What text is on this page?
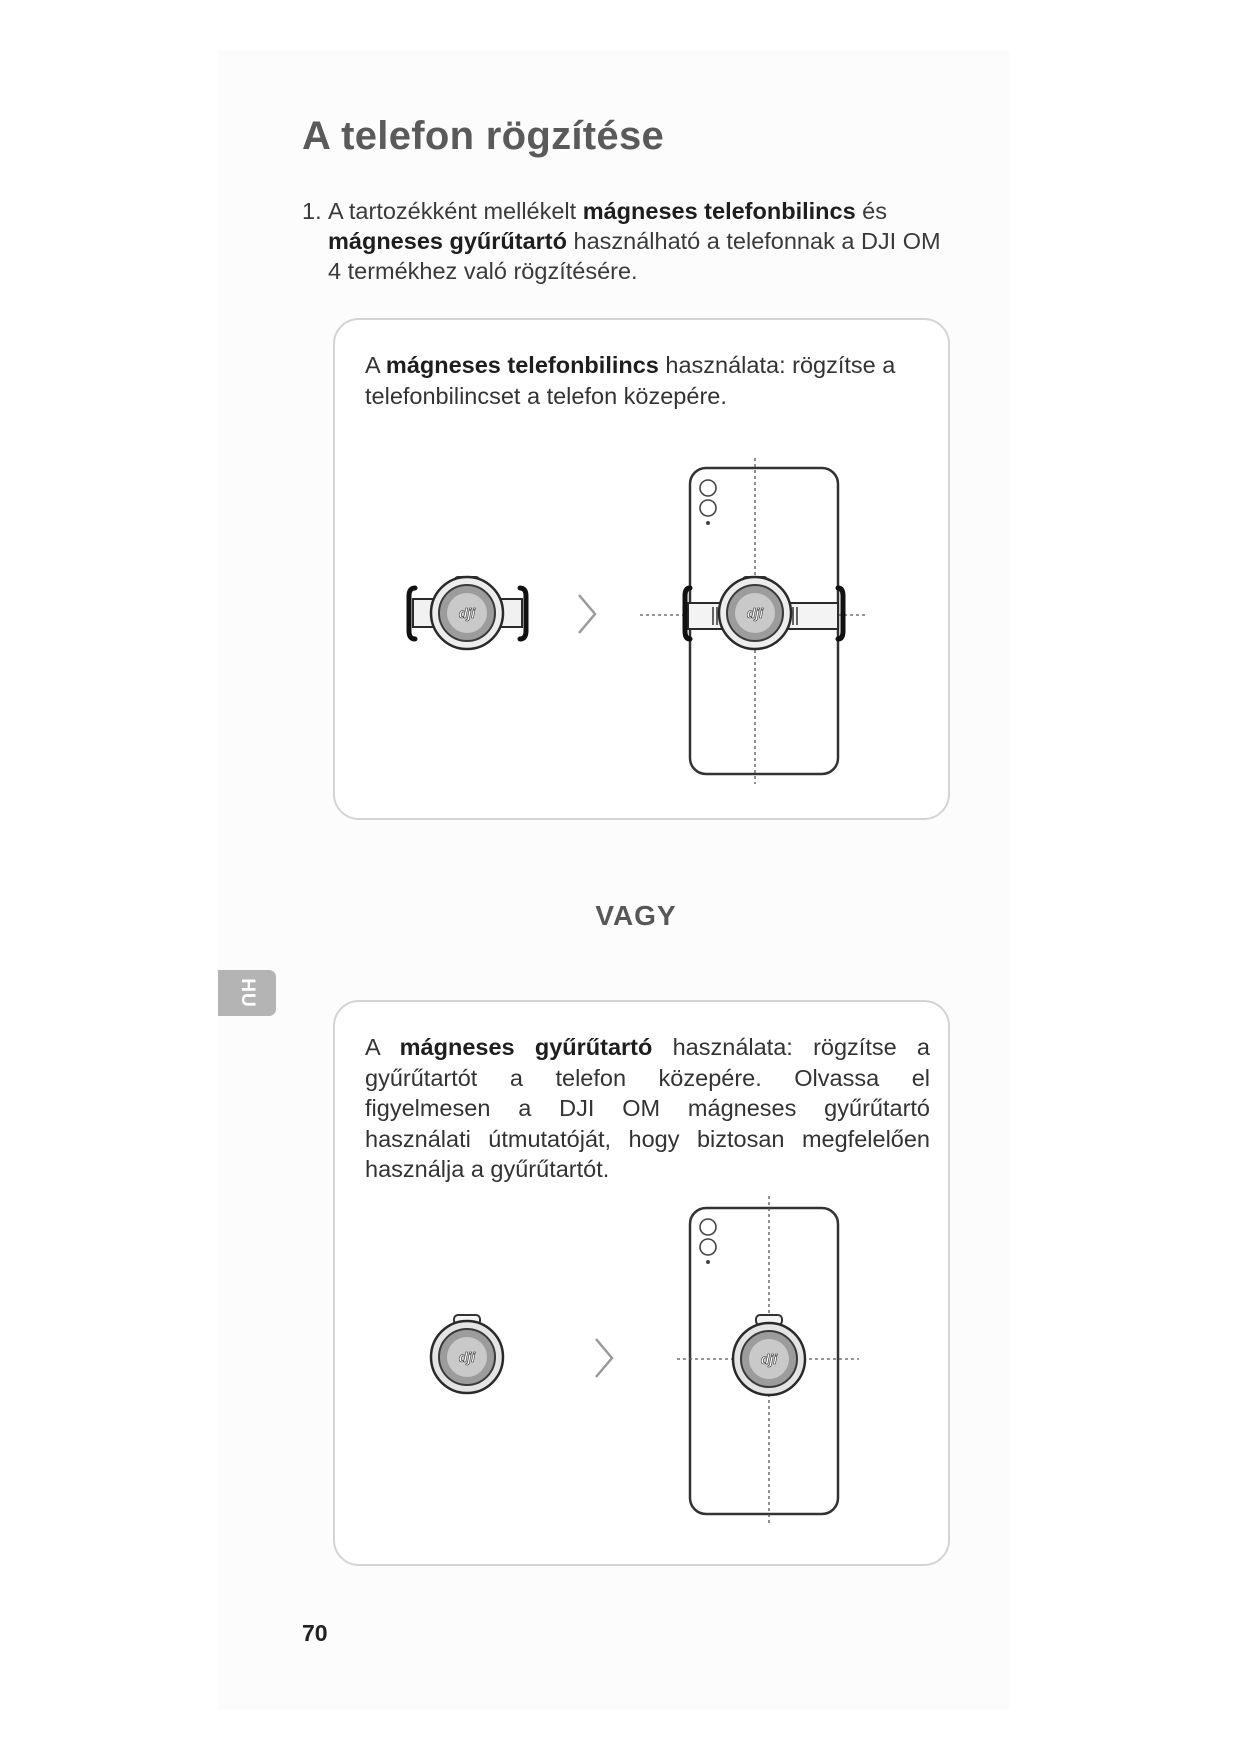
A telefon rögzítése
1. A tartozékként mellékelt mágneses telefonbilincs és mágneses gyűrűtartó használható a telefonnak a DJI OM 4 termékhez való rögzítésére.
A mágneses telefonbilincs használata: rögzítse a telefonbilincset a telefon közepére.
dji	dji
VAGY
HU
A mágneses gyűrűtartó használata: rögzítse a gyűrűtartót a telefon közepére. Olvassa el figyelmesen a DJI OM mágneses gyűrűtartó használati útmutatóját, hogy biztosan megfelelően használja a gyűrűtartót.
dji	dji
70
